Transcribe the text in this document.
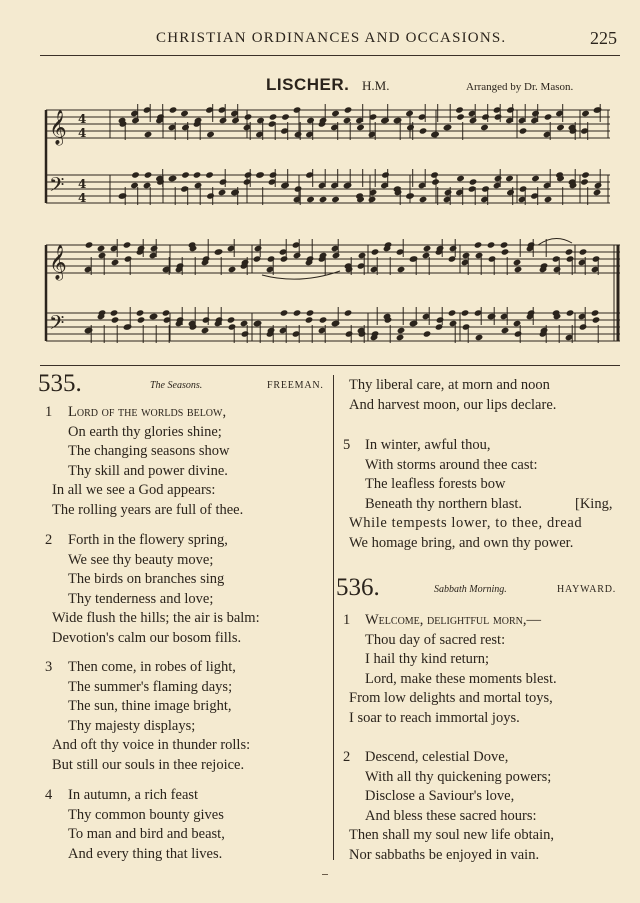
CHRISTIAN ORDINANCES AND OCCASIONS.	225
LISCHER. H.M.	Arranged by Dr. Mason.
𝄞
𝄢
𝄞
𝄢
4
4
4
4
535.	The Seasons.	FREEMAN.
536.	Sabbath Morning.	HAYWARD.
1 Lord of the worlds below,
On earth thy glories shine;
The changing seasons show
Thy skill and power divine.
In all we see a God appears:
The rolling years are full of thee.
2 Forth in the flowery spring,
We see thy beauty move;
The birds on branches sing
Thy tenderness and love;
Wide flush the hills; the air is balm:
Devotion's calm our bosom fills.
3 Then come, in robes of light,
The summer's flaming days;
The sun, thine image bright,
Thy majesty displays;
And oft thy voice in thunder rolls:
But still our souls in thee rejoice.
4 In autumn, a rich feast
Thy common bounty gives
To man and bird and beast,
And every thing that lives.
Thy liberal care, at morn and noon
And harvest moon, our lips declare.
5 In winter, awful thou,
With storms around thee cast:
The leafless forests bow
Beneath thy northern blast.	[King,
While tempests lower, to thee, dread
We homage bring, and own thy power.
1 Welcome, delightful morn,—
Thou day of sacred rest:
I hail thy kind return;
Lord, make these moments blest.
From low delights and mortal toys,
I soar to reach immortal joys.
2 Descend, celestial Dove,
With all thy quickening powers;
Disclose a Saviour's love,
And bless these sacred hours:
Then shall my soul new life obtain,
Nor sabbaths be enjoyed in vain.
